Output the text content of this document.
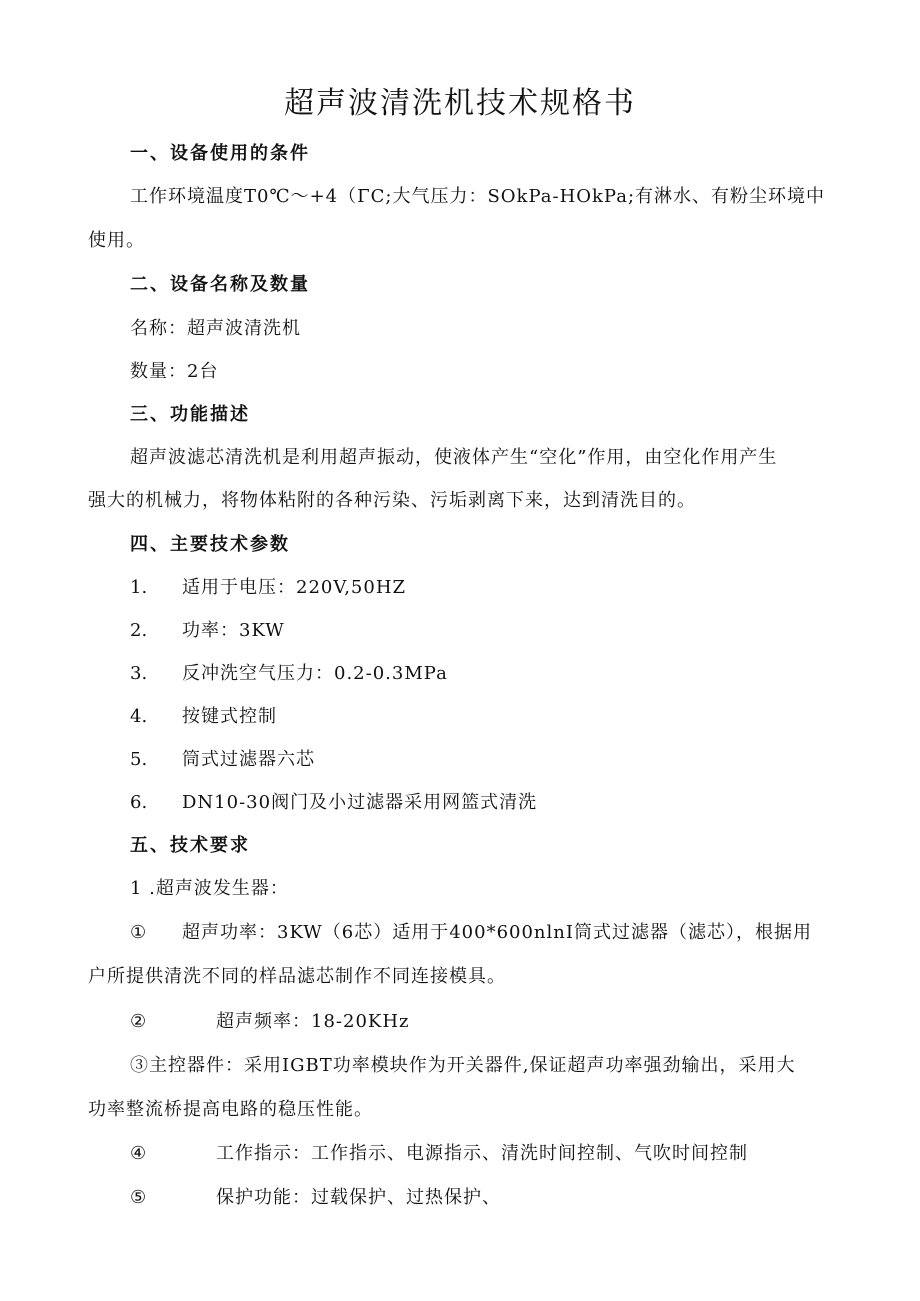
超声波清洗机技术规格书
一、设备使用的条件
工作环境温度T0℃～+4（ΓC;大气压力：SOkPa-HOkPa;有淋水、有粉尘环境中
使用。
二、设备名称及数量
名称：超声波清洗机
数量：2台
三、功能描述
超声波滤芯清洗机是利用超声振动，使液体产生“空化”作用，由空化作用产生
强大的机械力，将物体粘附的各种污染、污垢剥离下来，达到清洗目的。
四、主要技术参数
1. 适用于电压：220V,50HZ
2. 功率：3KW
3. 反冲洗空气压力：0.2-0.3MPa
4. 按键式控制
5. 筒式过滤器六芯
6. DN10-30阀门及小过滤器采用网篮式清洗
五、技术要求
1 .超声波发生器：
① 超声功率：3KW（6芯）适用于400*600nlnI筒式过滤器（滤芯），根据用
户所提供清洗不同的样品滤芯制作不同连接模具。
②	超声频率：18-20KHz
③主控器件：采用IGBT功率模块作为开关器件,保证超声功率强劲输出，采用大
功率整流桥提高电路的稳压性能。
④	工作指示：工作指示、电源指示、清洗时间控制、气吹时间控制
⑤	保护功能：过载保护、过热保护、
